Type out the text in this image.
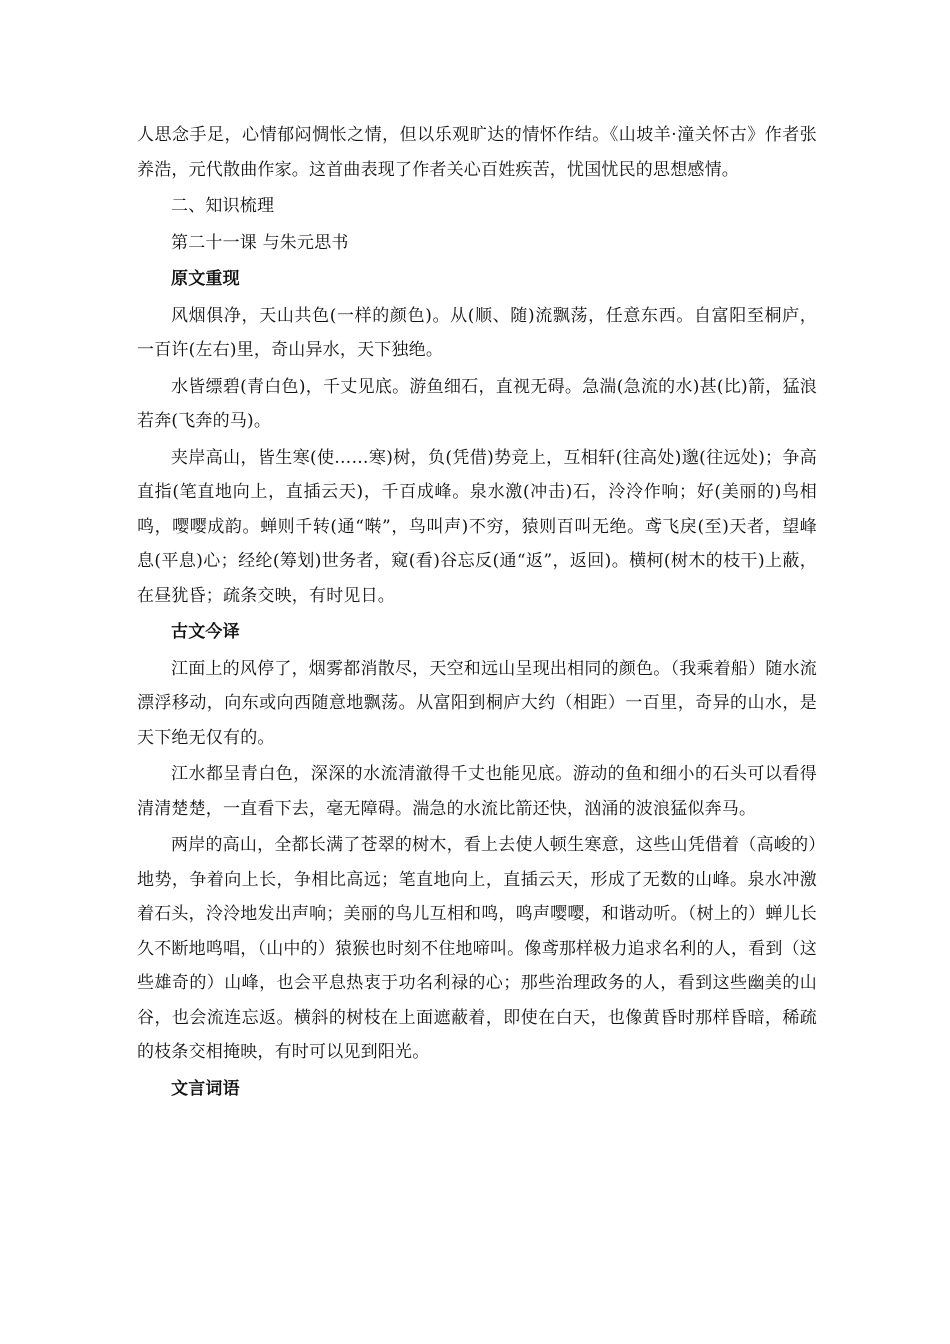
人思念手足，心情郁闷惆怅之情，但以乐观旷达的情怀作结。《山坡羊·潼关怀古》作者张养浩，元代散曲作家。这首曲表现了作者关心百姓疾苦，忧国忧民的思想感情。

二、知识梳理

第二十一课 与朱元思书

原文重现

风烟俱净，天山共色(一样的颜色)。从(顺、随)流飘荡，任意东西。自富阳至桐庐，一百许(左右)里，奇山异水，天下独绝。

水皆缥碧(青白色)，千丈见底。游鱼细石，直视无碍。急湍(急流的水)甚(比)箭，猛浪若奔(飞奔的马)。

夹岸高山，皆生寒(使……寒)树，负(凭借)势竞上，互相轩(往高处)邈(往远处)；争高直指(笔直地向上，直插云天)，千百成峰。泉水激(冲击)石，泠泠作响；好(美丽的)鸟相鸣，嘤嘤成韵。蝉则千转(通“啭”，鸟叫声)不穷，猿则百叫无绝。鸢飞戾(至)天者，望峰息(平息)心；经纶(筹划)世务者，窥(看)谷忘反(通“返”，返回)。横柯(树木的枝干)上蔽，在昼犹昏；疏条交映，有时见日。

古文今译

江面上的风停了，烟雾都消散尽，天空和远山呈现出相同的颜色。（我乘着船）随水流漂浮移动，向东或向西随意地飘荡。从富阳到桐庐大约（相距）一百里，奇异的山水，是天下绝无仅有的。

江水都呈青白色，深深的水流清澈得千丈也能见底。游动的鱼和细小的石头可以看得清清楚楚，一直看下去，毫无障碍。湍急的水流比箭还快，汹涌的波浪猛似奔马。

两岸的高山，全都长满了苍翠的树木，看上去使人顿生寒意，这些山凭借着（高峻的）地势，争着向上长，争相比高远；笔直地向上，直插云天，形成了无数的山峰。泉水冲激着石头，泠泠地发出声响；美丽的鸟儿互相和鸣，鸣声嘤嘤，和谐动听。（树上的）蝉儿长久不断地鸣唱，（山中的）猿猴也时刻不住地啼叫。像鸢那样极力追求名利的人，看到（这些雄奇的）山峰，也会平息热衷于功名利禄的心；那些治理政务的人，看到这些幽美的山谷，也会流连忘返。横斜的树枝在上面遮蔽着，即使在白天，也像黄昏时那样昏暗，稀疏的枝条交相掩映，有时可以见到阳光。

文言词语
